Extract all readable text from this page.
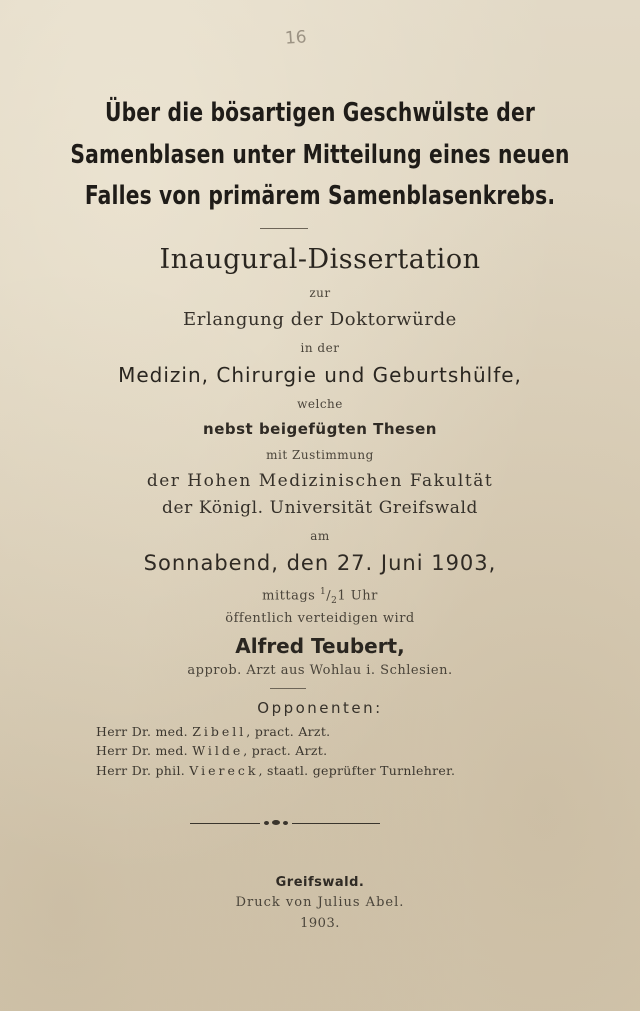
16
Über die bösartigen Geschwülste der
Samenblasen unter Mitteilung eines neuen
Falles von primärem Samenblasenkrebs.
Inaugural-Dissertation
zur
Erlangung der Doktorwürde
in der
Medizin, Chirurgie und Geburtshülfe,
welche
nebst beigefügten Thesen
mit Zustimmung
der Hohen Medizinischen Fakultät
der Königl. Universität Greifswald
am
Sonnabend, den 27. Juni 1903,
mittags $^1/_21$ Uhr
öffentlich verteidigen wird
Alfred Teubert,
approb. Arzt aus Wohlau i. Schlesien.
Opponenten:
Herr Dr. med. Zibell, pract. Arzt.
Herr Dr. med. Wilde, pract. Arzt.
Herr Dr. phil. Viereck, staatl. geprüfter Turnlehrer.
Greifswald.
Druck von Julius Abel.
1903.
